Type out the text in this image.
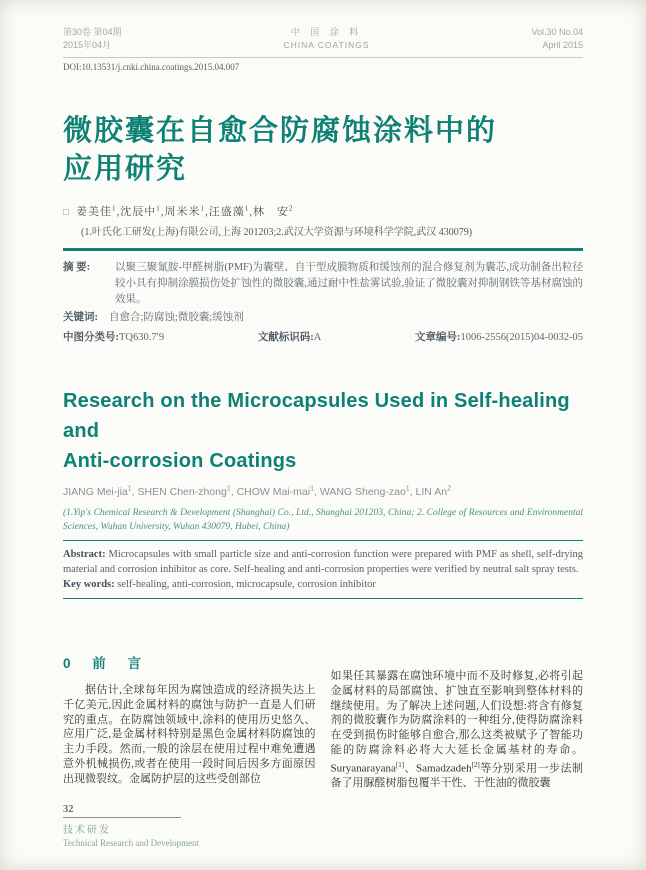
第30卷 第04期
2015年04月
中 国 涂 料
CHINA COATINGS
Vol.30 No.04
April 2015
DOI:10.13531/j.cnki.china.coatings.2015.04.007
微胶囊在自愈合防腐蚀涂料中的
应用研究
□ 姜美佳$^1$,沈辰中$^1$,周米米$^1$,汪盛藻$^1$,林　安$^2$
(1.叶氏化工研发(上海)有限公司,上海 201203;2.武汉大学资源与环境科学学院,武汉 430079)
摘 要:	以聚三聚氰胺-甲醛树脂(PMF)为囊壁、自干型成膜物质和缓蚀剂的混合修复剂为囊芯,成功制备出粒径较小具有抑制涂膜损伤处扩蚀性的微胶囊,通过耐中性盐雾试验,验证了微胶囊对抑制钢铁等基材腐蚀的效果。
关键词:	自愈合;防腐蚀;微胶囊;缓蚀剂
中图分类号:TQ630.7′9	文献标识码:A	文章编号:1006-2556(2015)04-0032-05
Research on the Microcapsules Used in Self-healing and
Anti-corrosion Coatings
JIANG Mei-jia$^1$, SHEN Chen-zhong$^1$, CHOW Mai-mai$^1$, WANG Sheng-zao$^1$, LIN An$^2$
(1.Yip's Chemical Research & Development (Shanghai) Co., Ltd., Shanghai 201203, China; 2. College of Resources and Environmental Sciences, Wuhan University, Wuhan 430079, Hubei, China)

Abstract: Microcapsules with small particle size and anti-corrosion function were prepared with PMF as shell, self-drying material and corrosion inhibitor as core. Self-healing and anti-corrosion properties were verified by neutral salt spray tests.

Key words: self-healing, anti-corrosion, microcapsule, corrosion inhibitor

0 前 言

据估计,全球每年因为腐蚀造成的经济损失达上千亿美元,因此金属材料的腐蚀与防护一直是人们研究的重点。在防腐蚀领域中,涂料的使用历史悠久、应用广泛,是金属材料特别是黑色金属材料防腐蚀的主力手段。然而,一般的涂层在使用过程中难免遭遇意外机械损伤,或者在使用一段时间后因多方面原因出现微裂纹。金属防护层的这些受创部位

如果任其暴露在腐蚀环境中而不及时修复,必将引起金属材料的局部腐蚀、扩蚀直至影响到整体材料的继续使用。为了解决上述问题,人们设想:将含有修复剂的微胶囊作为防腐涂料的一种组分,使得防腐涂料在受到损伤时能够自愈合,那么这类被赋予了智能功能的防腐涂料必将大大延长金属基材的寿命。Suryanarayana[1]、Samadzadeh[2]等分别采用一步法制备了用脲醛树脂包覆半干性、干性油的微胶囊

32
技术研发
Technical Research and Development
